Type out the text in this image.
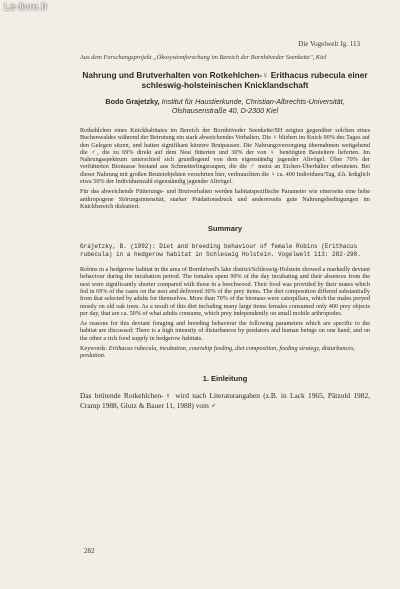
Le-livre.fr
Die Vogelwelt Jg. 113
Aus dem Forschungsprojekt „Ökosystemforschung im Bereich der Bornhöveder Seenkette", Kiel
Nahrung und Brutverhalten von Rotkehlchen-♀ Erithacus rubecula einer schleswig-holsteinischen Knicklandschaft
Bodo Grajetzky, Institut für Haustierkunde, Christian-Albrechts-Universität, Olshausenstraße 40, D-2300 Kiel

Rotkehlchen eines Knickhabitates im Bereich der Bornhöveder Seenkette/SH zeigten gegenüber solchen eines Buchenwaldes während der Betrutung ein stark abweichendes Verhalten. Die ♀ blieben im Knick 90% des Tages auf den Gelegen sitzen, und hatten signifikant kürzere Brutpausen. Die Nahrungsversorgung übernahmen weitgehend die ♂, die zu 69% direkt auf dem Nest fütterten und 30% der von ♀ benötigten Beuteitere lieferten. Im Nahrungsspektrum unterschied sich grundlegend von dem eigenständig jagender Altvögel. Über 70% der verfütterten Biomasse bestand aus Schmetterlingsraupen, die die ♂ meist an Eichen-Überhälter erbeuteten. Bei dieser Nahrung mit großen Beutetobjekten verzehrten hier, verbrauchten die ♀ ca. 400 Individuen/Tag, d.h. lediglich etwa 50% der Individuenzahl eigenständig jagender Altvögel.

Für das abweichende Fütterungs- und Brutverhalten werden habitatspezifische Parameter wie einerseits eine hohe anthropogene Störungsintensität, starker Prädationsdruck und andererseits gute Nahrungsbedingungen im Knickbereich diskutiert.

Summary
Grajetzky, B. (1992): Diet and breeding behaviour of female Robins (Erithacus rubecula) in a hedgerow habitat in Schleswig Holstein. Vogelwelt 113: 282-298.

Robins in a hedgerow habitat in the area of Bornhöved's lake district/Schleswig-Holstein showed a markedly deviant behaviour during the incubation period. The females spent 90% of the day incubating and their absences from the nest were significantly shorter compared with those in a beechwood. Their food was provided by their mates which fed in 69% of the cases on the nest and delivered 30% of the prey items. The diet composition differed substantially from that selected by adults for themselves. More than 70% of the biomass were caterpillars, which the males preyed mostly on old oak trees. As a result of this diet including many large items females consumed only 400 prey objects per day, that are ca. 50% of what adults consume, which prey independently on small mobile arthropodes.

As reasons for this deviant foraging and breeding behaviour the following parameters which are specific to the habitat are discussed: There is a high intensity of disturbances by predators and human beings on one hand, and on the other a rich food supply in hedgerow habitats.

Keywords: Erithacus rubecula, incubation, courtship feeding, diet composition, feeding strategy, disturbances, predation.
1. Einleitung

Das brütende Rotkehlchen-♀ wird nach Literaturangaben (z.B. in Lack 1965, Pätzold 1982, Cramp 1988, Glutz & Bauer 11, 1988) vom ♂

282
